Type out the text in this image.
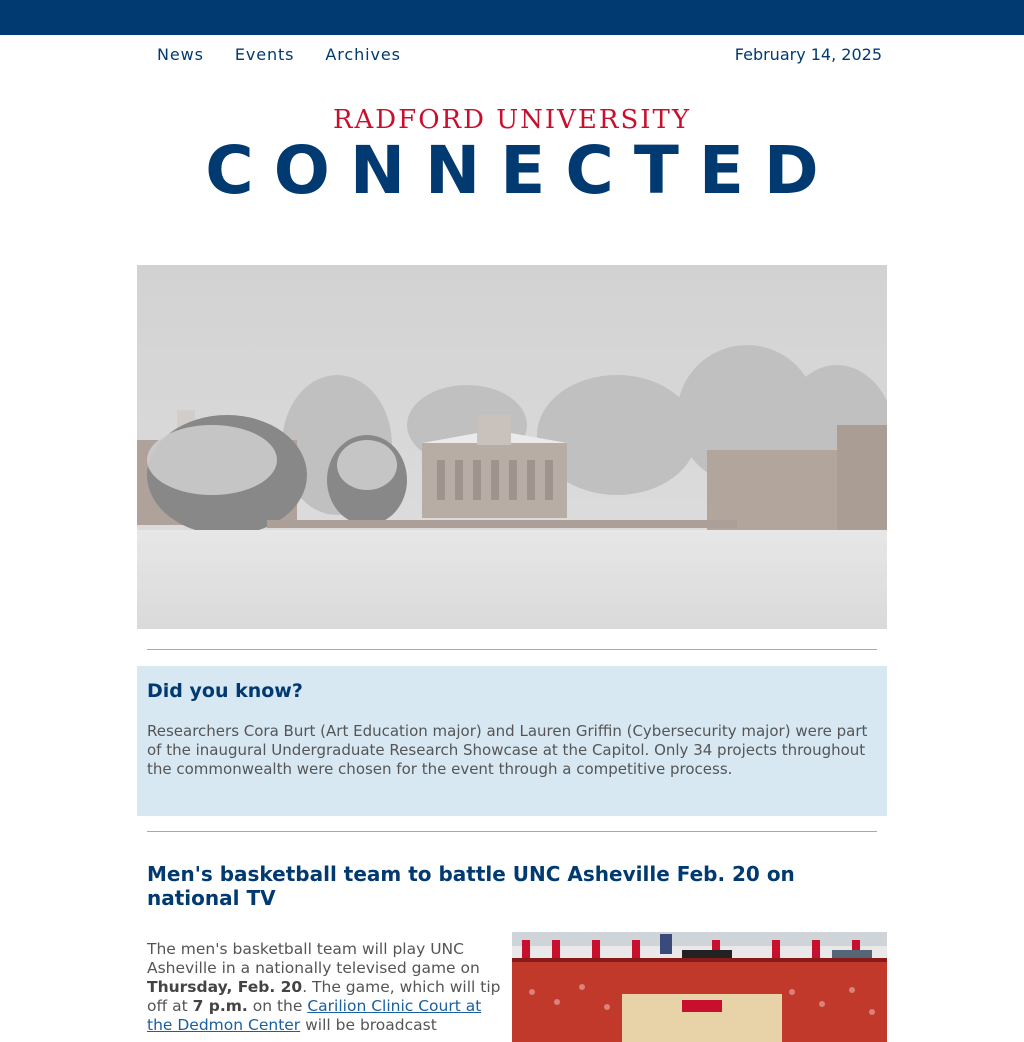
News Events Archives	February 14, 2025
RADFORD UNIVERSITY
CONNECTED
Did you know?

Researchers Cora Burt (Art Education major) and Lauren Griffin (Cybersecurity major) were part of the inaugural Undergraduate Research Showcase at the Capitol. Only 34 projects throughout the commonwealth were chosen for the event through a competitive process.

Men's basketball team to battle UNC Asheville Feb. 20 on national TV
The men's basketball team will play UNC Asheville in a nationally televised game on Thursday, Feb. 20. The game, which will tip off at 7 p.m. on the Carilion Clinic Court at the Dedmon Center will be broadcast
